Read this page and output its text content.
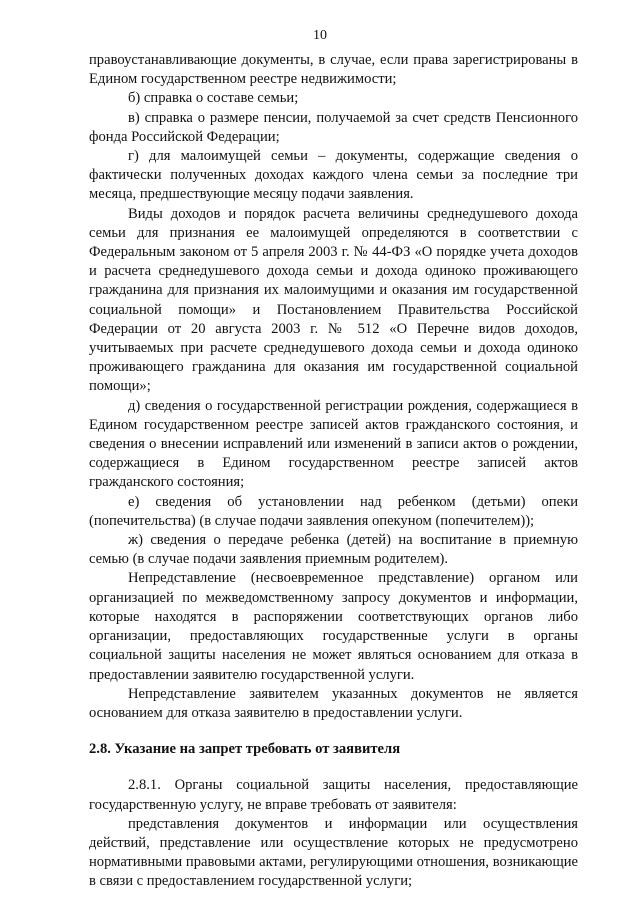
10

правоустанавливающие документы, в случае, если права зарегистрированы в Едином государственном реестре недвижимости;

б) справка о составе семьи;

в) справка о размере пенсии, получаемой за счет средств Пенсионного фонда Российской Федерации;

г) для малоимущей семьи – документы, содержащие сведения о фактически полученных доходах каждого члена семьи за последние три месяца, предшествующие месяцу подачи заявления.

Виды доходов и порядок расчета величины среднедушевого дохода семьи для признания ее малоимущей определяются в соответствии с Федеральным законом от 5 апреля 2003 г. № 44-ФЗ «О порядке учета доходов и расчета среднедушевого дохода семьи и дохода одиноко проживающего гражданина для признания их малоимущими и оказания им государственной социальной помощи» и Постановлением Правительства Российской Федерации от 20 августа 2003 г. № 512 «О Перечне видов доходов, учитываемых при расчете среднедушевого дохода семьи и дохода одиноко проживающего гражданина для оказания им государственной социальной помощи»;

д) сведения о государственной регистрации рождения, содержащиеся в Едином государственном реестре записей актов гражданского состояния, и сведения о внесении исправлений или изменений в записи актов о рождении, содержащиеся в Едином государственном реестре записей актов гражданского состояния;

е) сведения об установлении над ребенком (детьми) опеки (попечительства) (в случае подачи заявления опекуном (попечителем));

ж) сведения о передаче ребенка (детей) на воспитание в приемную семью (в случае подачи заявления приемным родителем).

Непредставление (несвоевременное представление) органом или организацией по межведомственному запросу документов и информации, которые находятся в распоряжении соответствующих органов либо организации, предоставляющих государственные услуги в органы социальной защиты населения не может являться основанием для отказа в предоставлении заявителю государственной услуги.

Непредставление заявителем указанных документов не является основанием для отказа заявителю в предоставлении услуги.

2.8. Указание на запрет требовать от заявителя

2.8.1. Органы социальной защиты населения, предоставляющие государственную услугу, не вправе требовать от заявителя:

представления документов и информации или осуществления действий, представление или осуществление которых не предусмотрено нормативными правовыми актами, регулирующими отношения, возникающие в связи с предоставлением государственной услуги;
